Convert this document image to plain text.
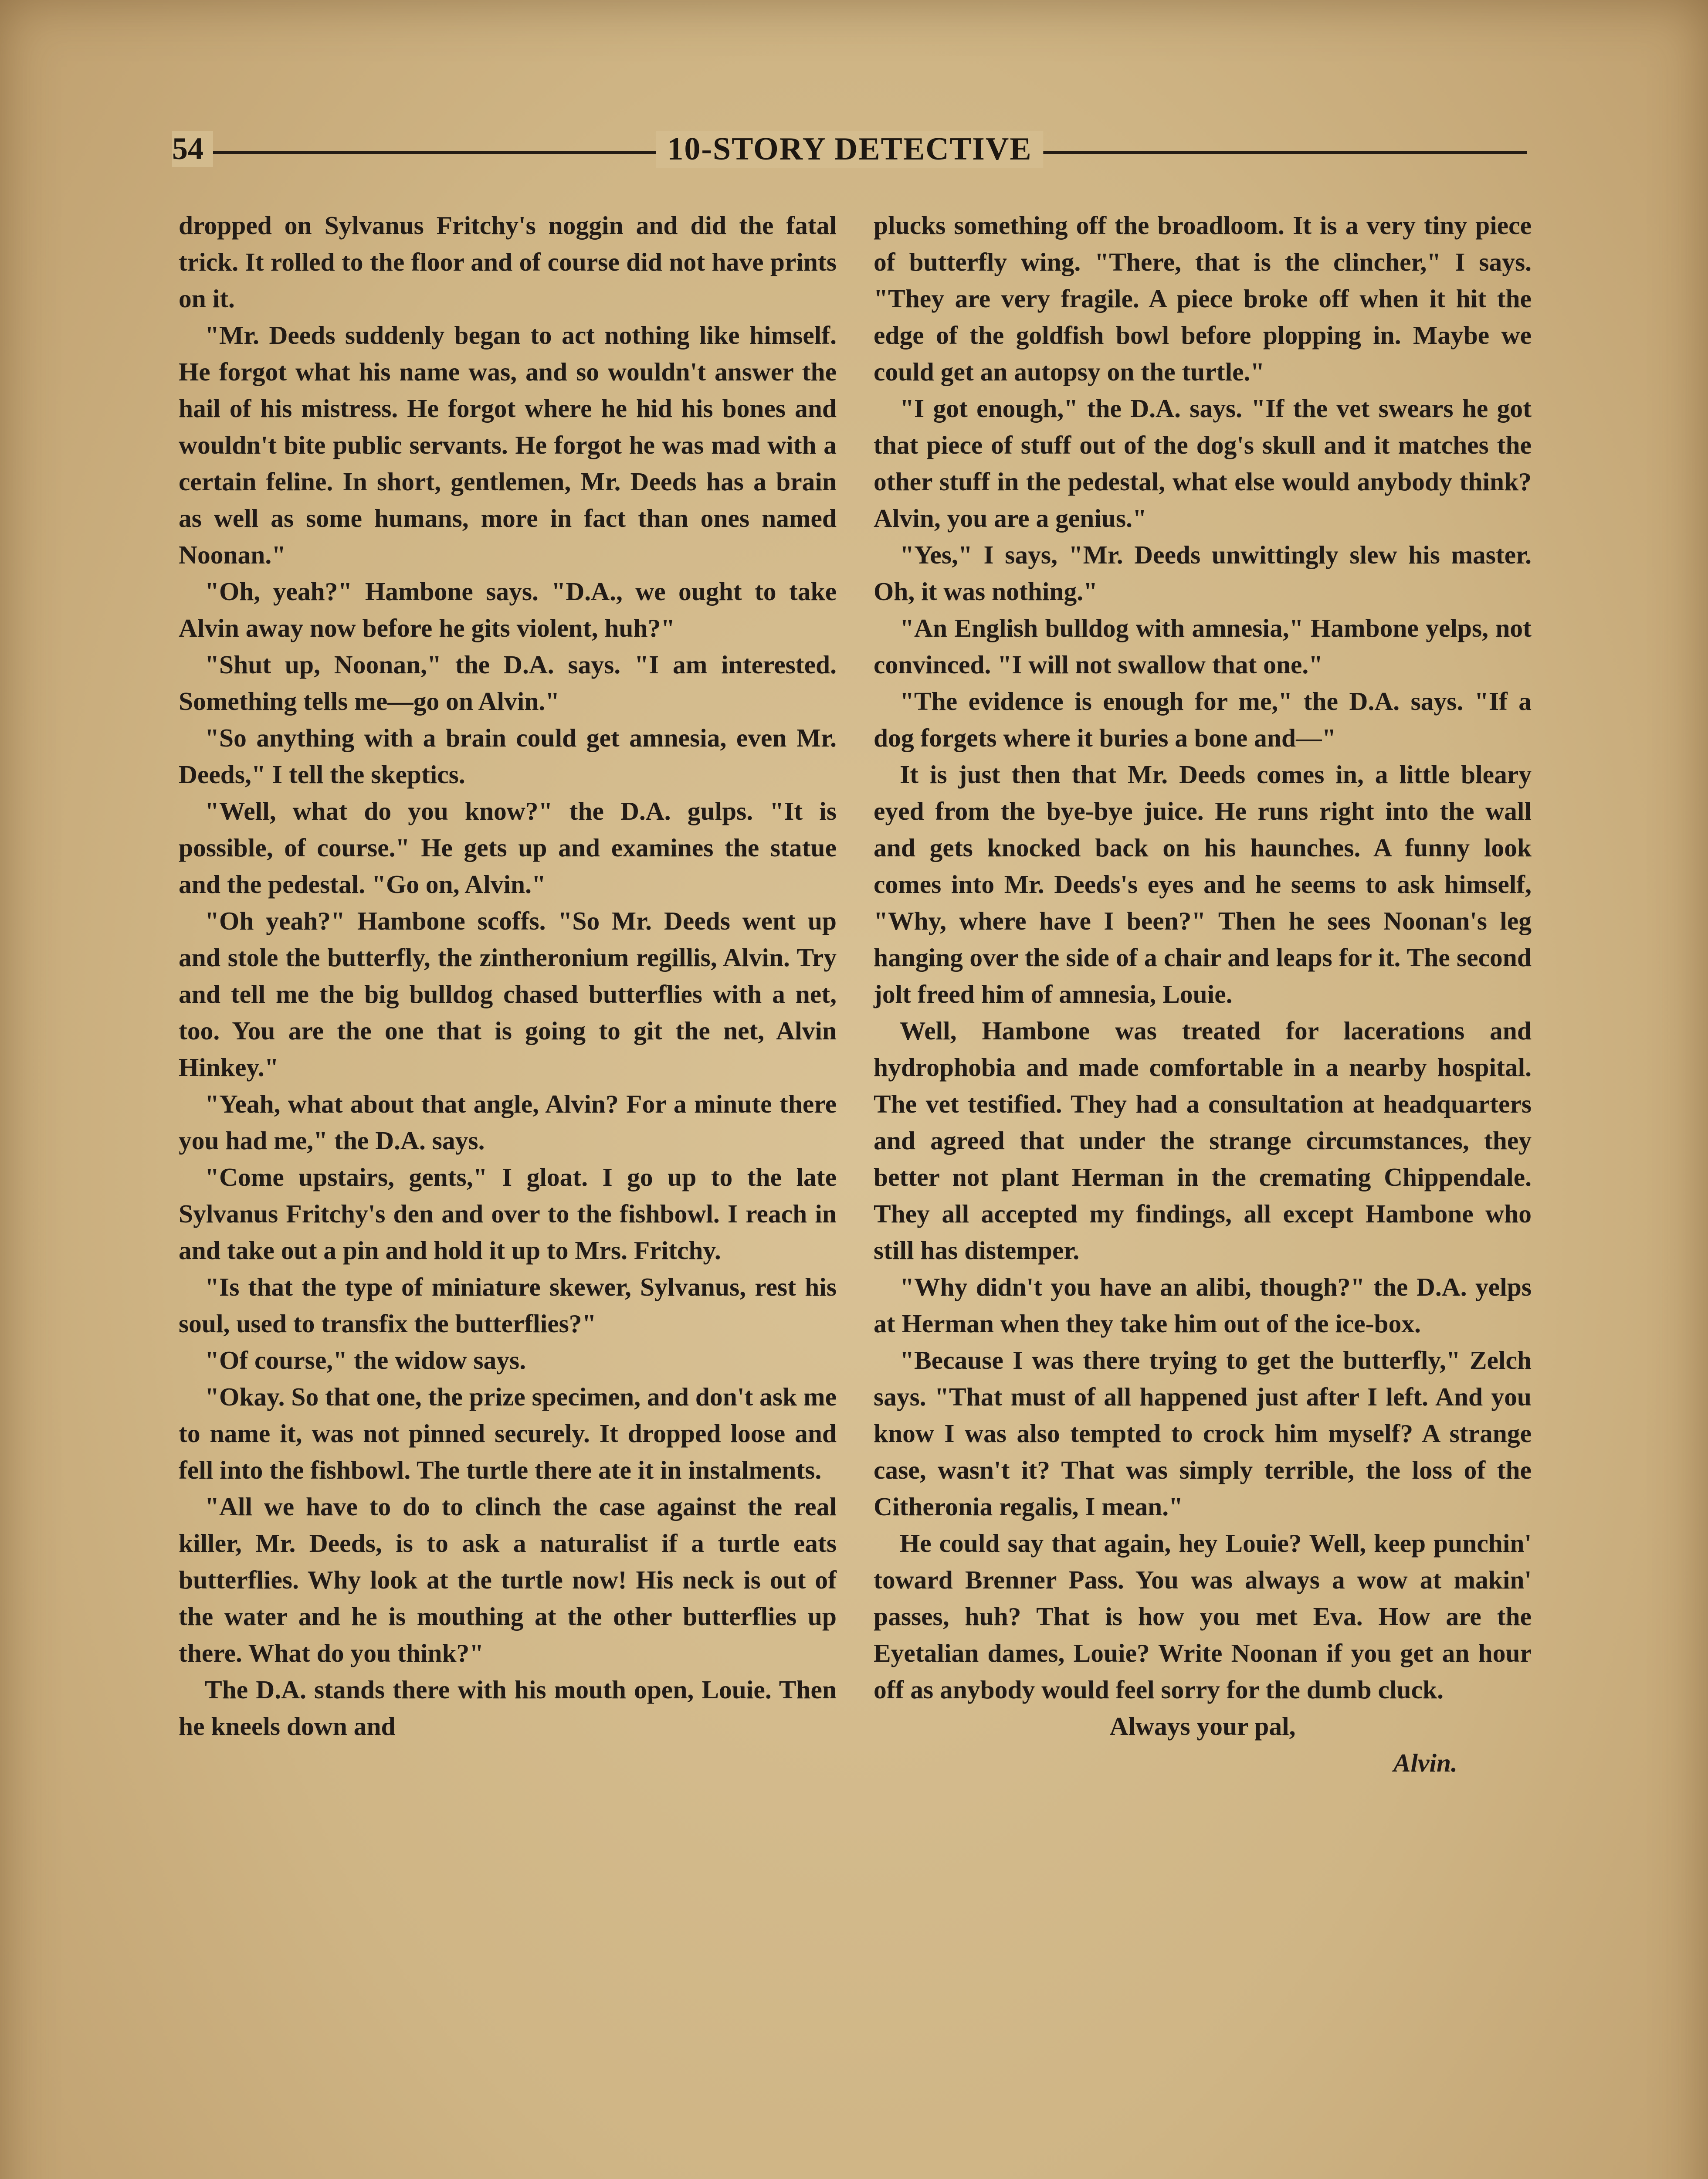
54	10-STORY DETECTIVE

dropped on Sylvanus Fritchy's noggin and did the fatal trick. It rolled to the floor and of course did not have prints on it.

"Mr. Deeds suddenly began to act nothing like himself. He forgot what his name was, and so wouldn't answer the hail of his mistress. He forgot where he hid his bones and wouldn't bite public servants. He forgot he was mad with a certain feline. In short, gentlemen, Mr. Deeds has a brain as well as some humans, more in fact than ones named Noonan."

"Oh, yeah?" Hambone says. "D.A., we ought to take Alvin away now before he gits violent, huh?"

"Shut up, Noonan," the D.A. says. "I am interested. Something tells me—go on Alvin."

"So anything with a brain could get amnesia, even Mr. Deeds," I tell the skeptics.

"Well, what do you know?" the D.A. gulps. "It is possible, of course." He gets up and examines the statue and the pedestal. "Go on, Alvin."

"Oh yeah?" Hambone scoffs. "So Mr. Deeds went up and stole the butterfly, the zintheronium regillis, Alvin. Try and tell me the big bulldog chased butterflies with a net, too. You are the one that is going to git the net, Alvin Hinkey."

"Yeah, what about that angle, Alvin? For a minute there you had me," the D.A. says.

"Come upstairs, gents," I gloat. I go up to the late Sylvanus Fritchy's den and over to the fishbowl. I reach in and take out a pin and hold it up to Mrs. Fritchy.

"Is that the type of miniature skewer, Sylvanus, rest his soul, used to transfix the butterflies?"

"Of course," the widow says.

"Okay. So that one, the prize specimen, and don't ask me to name it, was not pinned securely. It dropped loose and fell into the fishbowl. The turtle there ate it in instalments.

"All we have to do to clinch the case against the real killer, Mr. Deeds, is to ask a naturalist if a turtle eats butterflies. Why look at the turtle now! His neck is out of the water and he is mouthing at the other butterflies up there. What do you think?"

The D.A. stands there with his mouth open, Louie. Then he kneels down and

plucks something off the broadloom. It is a very tiny piece of butterfly wing. "There, that is the clincher," I says. "They are very fragile. A piece broke off when it hit the edge of the goldfish bowl before plopping in. Maybe we could get an autopsy on the turtle."

"I got enough," the D.A. says. "If the vet swears he got that piece of stuff out of the dog's skull and it matches the other stuff in the pedestal, what else would anybody think? Alvin, you are a genius."

"Yes," I says, "Mr. Deeds unwittingly slew his master. Oh, it was nothing."

"An English bulldog with amnesia," Hambone yelps, not convinced. "I will not swallow that one."

"The evidence is enough for me," the D.A. says. "If a dog forgets where it buries a bone and—"

It is just then that Mr. Deeds comes in, a little bleary eyed from the bye-bye juice. He runs right into the wall and gets knocked back on his haunches. A funny look comes into Mr. Deeds's eyes and he seems to ask himself, "Why, where have I been?" Then he sees Noonan's leg hanging over the side of a chair and leaps for it. The second jolt freed him of amnesia, Louie.

Well, Hambone was treated for lacerations and hydrophobia and made comfortable in a nearby hospital. The vet testified. They had a consultation at headquarters and agreed that under the strange circumstances, they better not plant Herman in the cremating Chippendale. They all accepted my findings, all except Hambone who still has distemper.

"Why didn't you have an alibi, though?" the D.A. yelps at Herman when they take him out of the ice-box.

"Because I was there trying to get the butterfly," Zelch says. "That must of all happened just after I left. And you know I was also tempted to crock him myself? A strange case, wasn't it? That was simply terrible, the loss of the Citheronia regalis, I mean."

He could say that again, hey Louie? Well, keep punchin' toward Brenner Pass. You was always a wow at makin' passes, huh? That is how you met Eva. How are the Eyetalian dames, Louie? Write Noonan if you get an hour off as anybody would feel sorry for the dumb cluck.

Always your pal,

Alvin.
